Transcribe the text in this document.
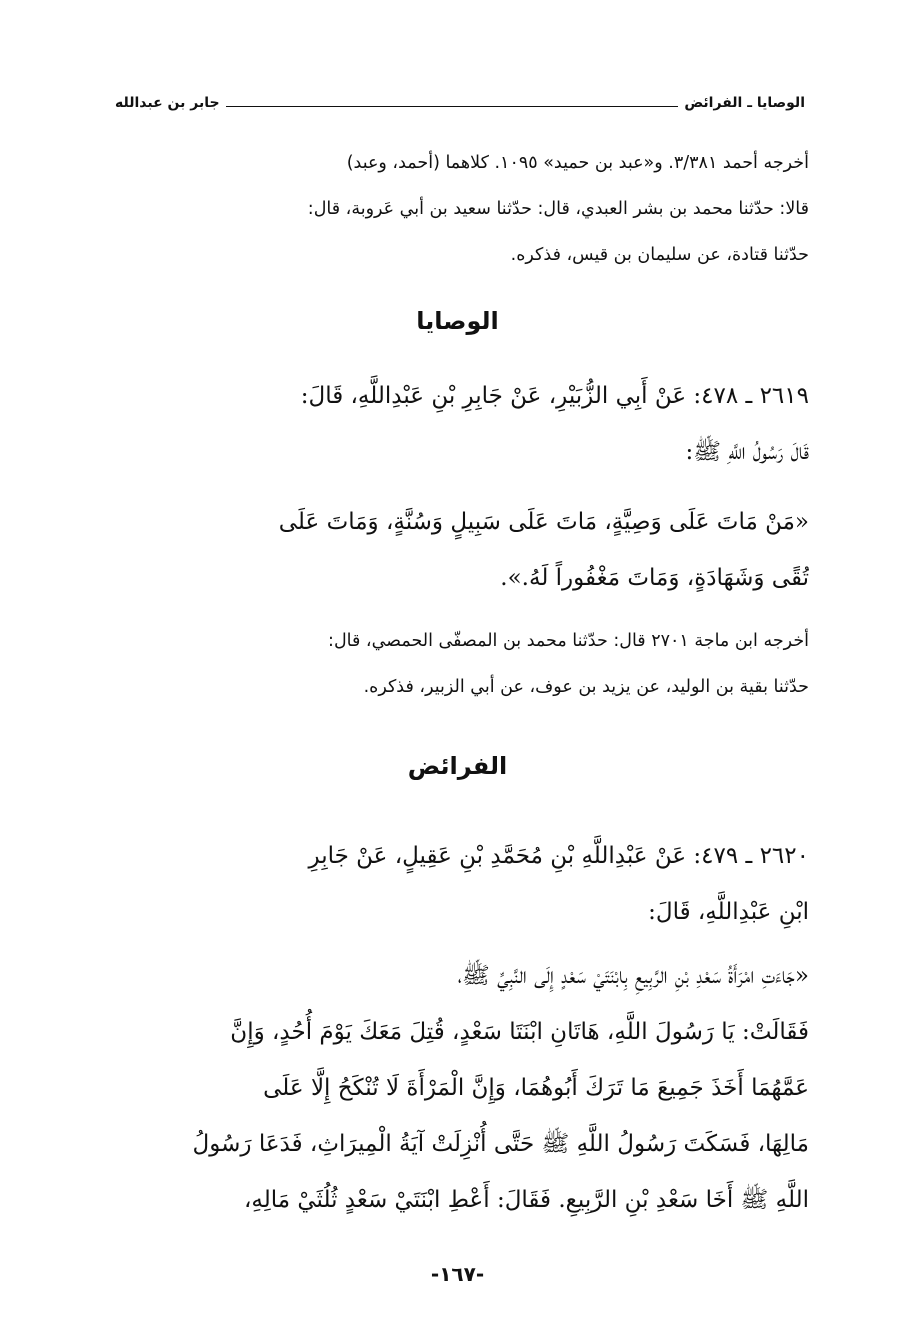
الوصايا ـ الفرائض
جابر بن عبدالله
أخرجه أحمد ٣/٣٨١. و«عبد بن حميد» ١٠٩٥. كلاهما (أحمد، وعبد)
قالا: حدّثنا محمد بن بشر العبدي، قال: حدّثنا سعيد بن أبي عَروبة، قال:
حدّثنا قتادة، عن سليمان بن قيس، فذكره.
الوصايا
٢٦١٩ ـ ٤٧٨: عَنْ أَبِي الزُّبَيْرِ، عَنْ جَابِرِ بْنِ عَبْدِاللَّهِ، قَالَ:
قَالَ رَسُولُ اللَّهِ ﷺ:
«مَنْ مَاتَ عَلَى وَصِيَّةٍ، مَاتَ عَلَى سَبِيلٍ وَسُنَّةٍ، وَمَاتَ عَلَى
تُقًى وَشَهَادَةٍ، وَمَاتَ مَغْفُوراً لَهُ.».
أخرجه ابن ماجة ٢٧٠١ قال: حدّثنا محمد بن المصفّى الحمصي، قال:
حدّثنا بقية بن الوليد، عن يزيد بن عوف، عن أبي الزبير، فذكره.
الفرائض
٢٦٢٠ ـ ٤٧٩: عَنْ عَبْدِاللَّهِ بْنِ مُحَمَّدِ بْنِ عَقِيلٍ، عَنْ جَابِرِ
ابْنِ عَبْدِاللَّهِ، قَالَ:
«جَاءَتِ امْرَأَةُ سَعْدِ بْنِ الرَّبِيعِ بِابْنَتَيْ سَعْدٍ إِلَى النَّبِيِّ ﷺ،
فَقَالَتْ: يَا رَسُولَ اللَّهِ، هَاتَانِ ابْنَتَا سَعْدٍ، قُتِلَ مَعَكَ يَوْمَ أُحُدٍ، وَإِنَّ
عَمَّهُمَا أَخَذَ جَمِيعَ مَا تَرَكَ أَبُوهُمَا، وَإِنَّ الْمَرْأَةَ لَا تُنْكَحُ إِلَّا عَلَى
مَالِهَا، فَسَكَتَ رَسُولُ اللَّهِ ﷺ حَتَّى أُنْزِلَتْ آيَةُ الْمِيرَاثِ، فَدَعَا رَسُولُ
اللَّهِ ﷺ أَخَا سَعْدِ بْنِ الرَّبِيعِ. فَقَالَ: أَعْطِ ابْنَتَيْ سَعْدٍ ثُلُثَيْ مَالِهِ،
-١٦٧-
